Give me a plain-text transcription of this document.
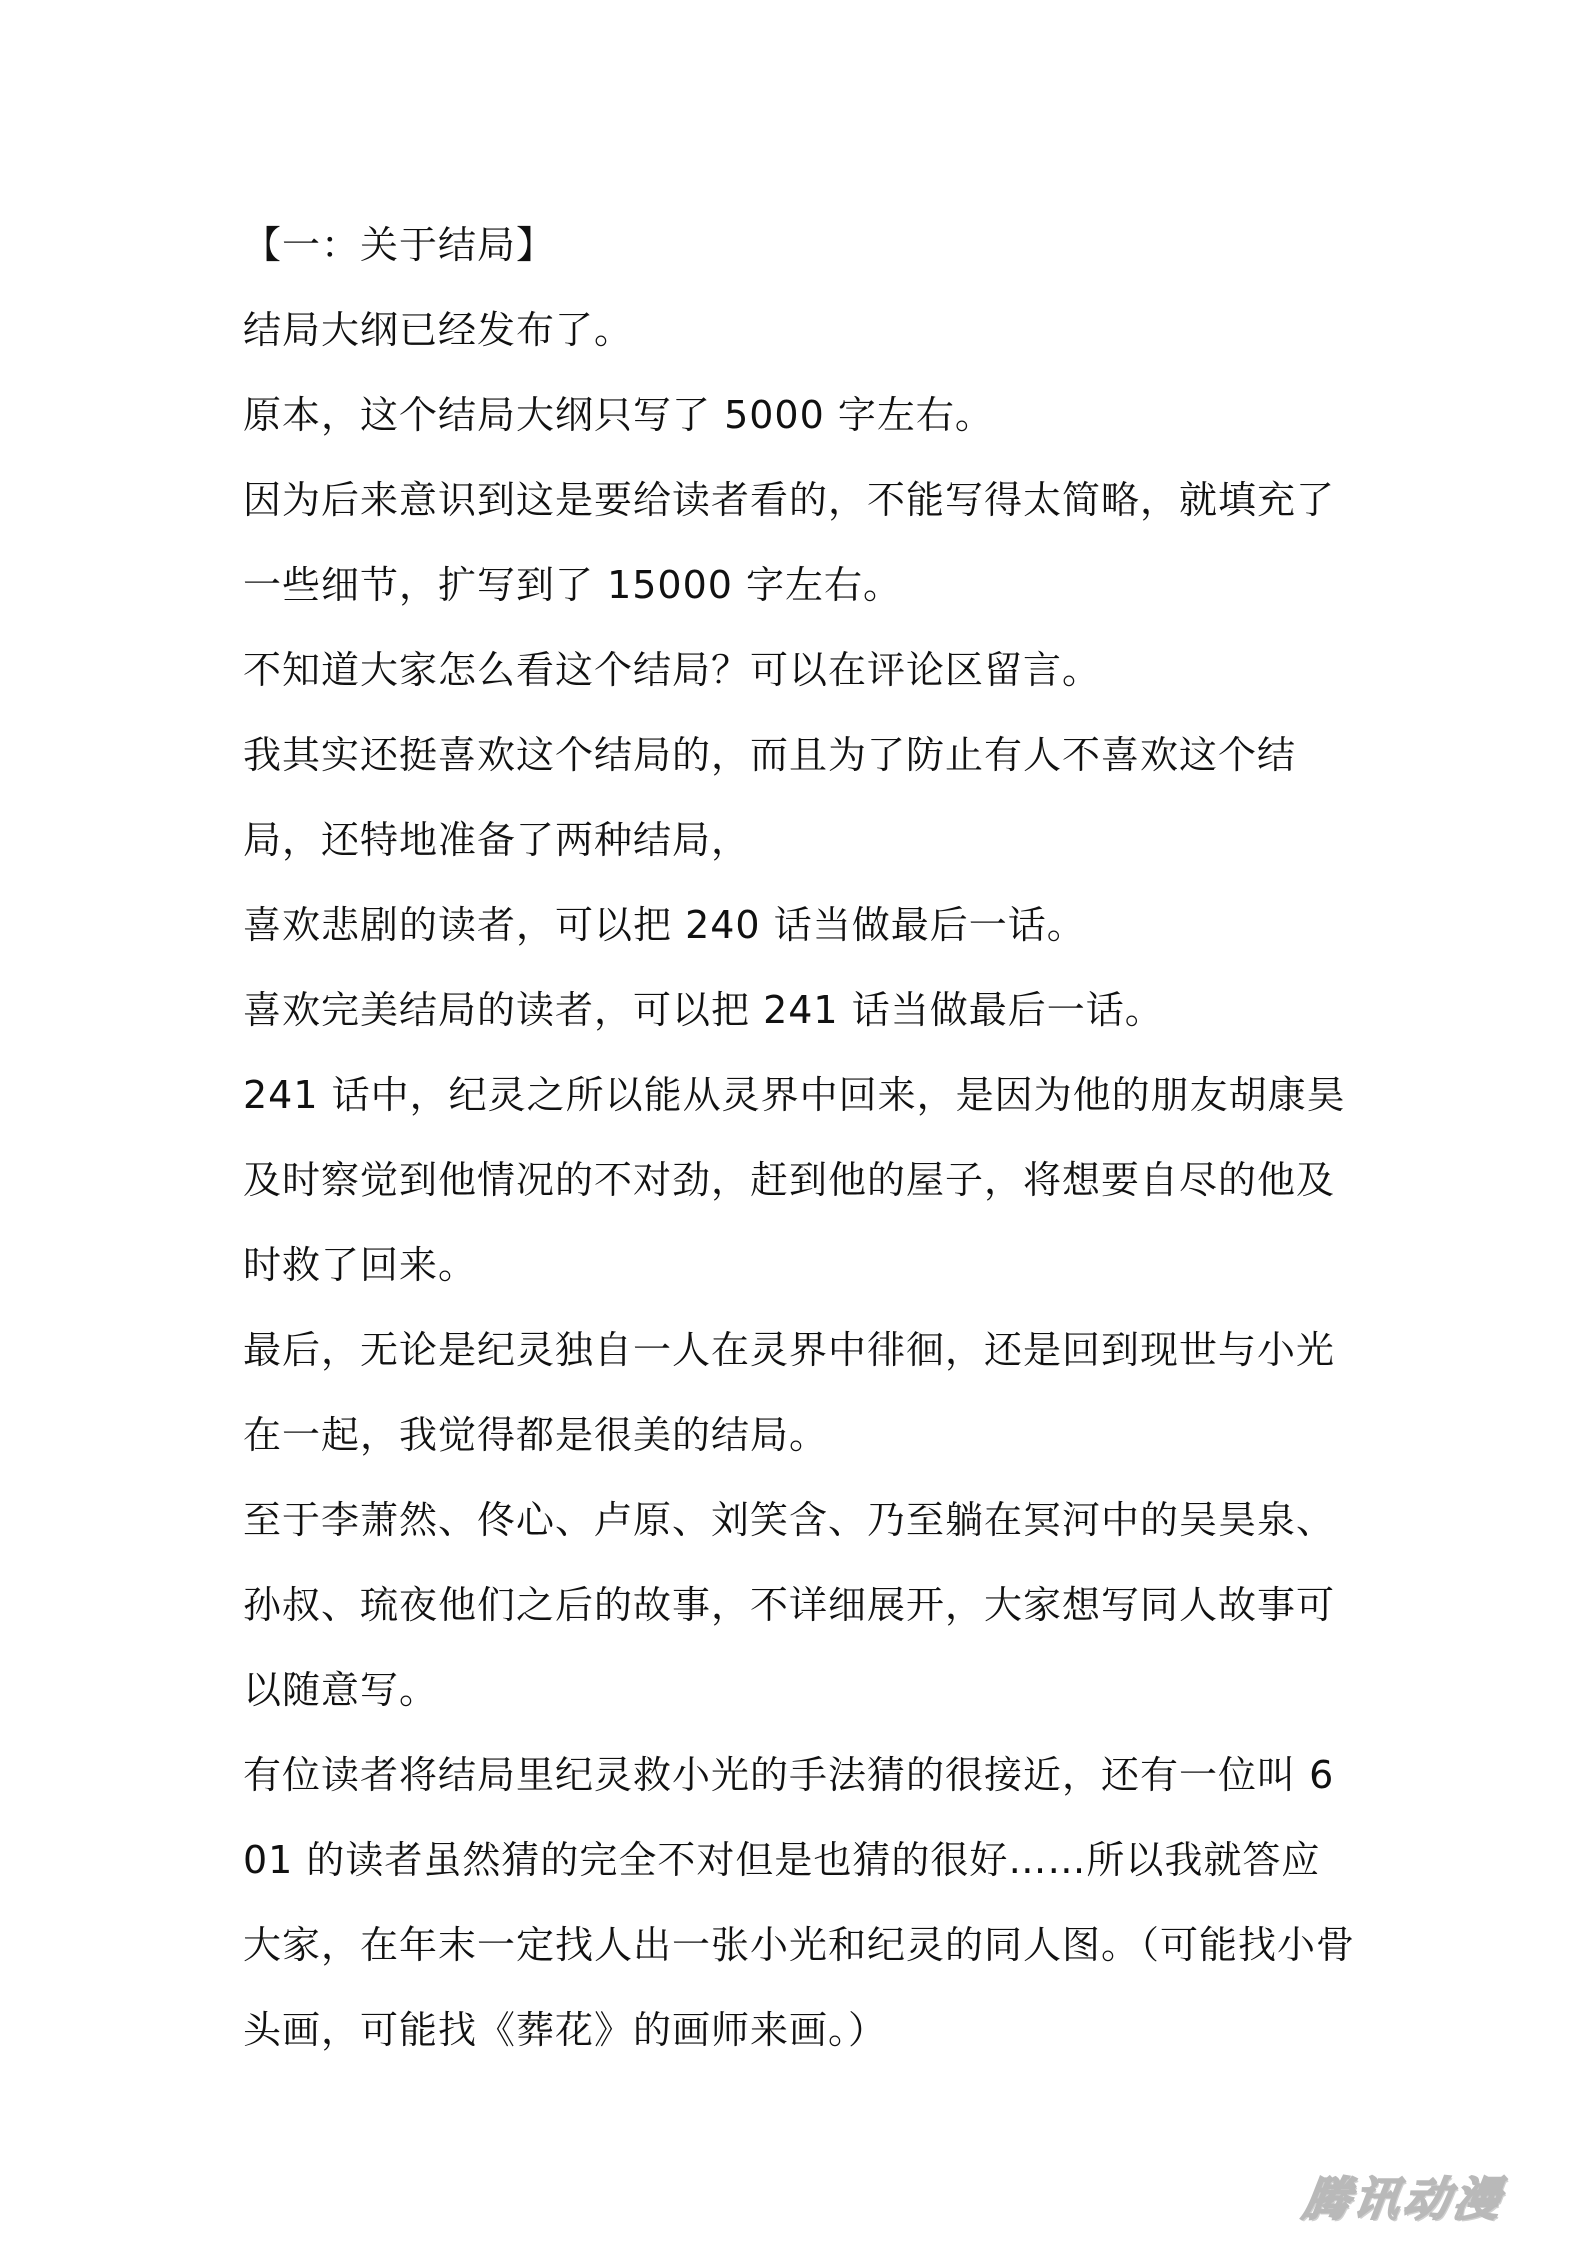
【一：关于结局】

结局大纲已经发布了。

原本，这个结局大纲只写了 5000 字左右。

因为后来意识到这是要给读者看的，不能写得太简略，就填充了一些细节，扩写到了 15000 字左右。

不知道大家怎么看这个结局？可以在评论区留言。

我其实还挺喜欢这个结局的，而且为了防止有人不喜欢这个结局，还特地准备了两种结局，

喜欢悲剧的读者，可以把 240 话当做最后一话。

喜欢完美结局的读者，可以把 241 话当做最后一话。

241 话中，纪灵之所以能从灵界中回来，是因为他的朋友胡康昊及时察觉到他情况的不对劲，赶到他的屋子，将想要自尽的他及时救了回来。

最后，无论是纪灵独自一人在灵界中徘徊，还是回到现世与小光在一起，我觉得都是很美的结局。

至于李萧然、佟心、卢原、刘笑含、乃至躺在冥河中的吴昊泉、孙叔、琉夜他们之后的故事，不详细展开，大家想写同人故事可以随意写。

有位读者将结局里纪灵救小光的手法猜的很接近，还有一位叫 601 的读者虽然猜的完全不对但是也猜的很好……所以我就答应大家，在年末一定找人出一张小光和纪灵的同人图。（可能找小骨头画，可能找《葬花》的画师来画。）

腾讯动漫
